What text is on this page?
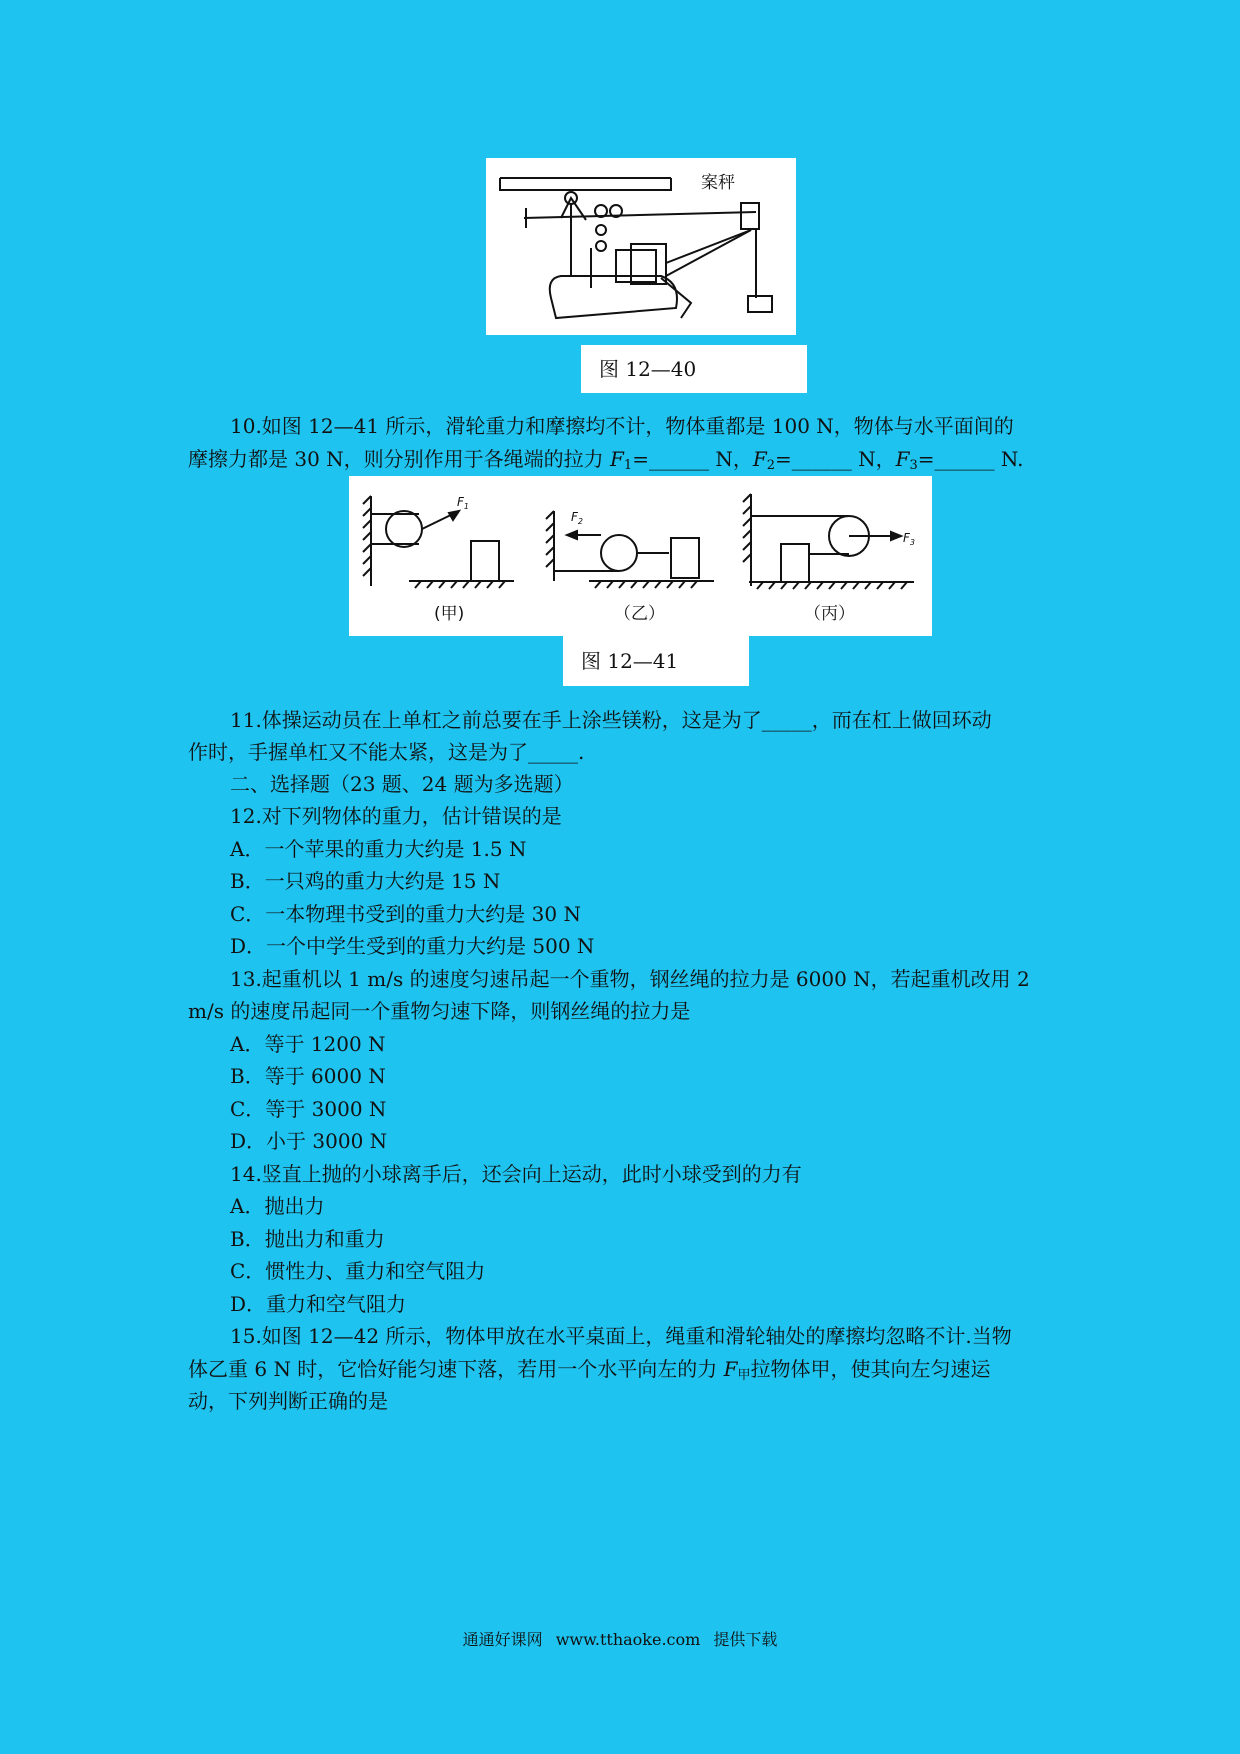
案秤
图 12—40
10.如图 12—41 所示，滑轮重力和摩擦均不计，物体重都是 100 N，物体与水平面间的
摩擦力都是 30 N，则分别作用于各绳端的拉力 $F_1=\_\_\_\_\_\_$ N，$F_2=\_\_\_\_\_\_$ N，$F_3=\_\_\_\_\_\_$ N.
$F_1$
$F_2$
$F_3$
(甲)	（乙）	（丙）
图 12—41
11.体操运动员在上单杠之前总要在手上涂些镁粉，这是为了_____，而在杠上做回环动
作时，手握单杠又不能太紧，这是为了_____.
二、选择题（23 题、24 题为多选题）
12.对下列物体的重力，估计错误的是
A．一个苹果的重力大约是 1.5 N
B．一只鸡的重力大约是 15 N
C．一本物理书受到的重力大约是 30 N
D．一个中学生受到的重力大约是 500 N
13.起重机以 1 m/s 的速度匀速吊起一个重物，钢丝绳的拉力是 6000 N，若起重机改用 2
m/s 的速度吊起同一个重物匀速下降，则钢丝绳的拉力是
A．等于 1200 N
B．等于 6000 N
C．等于 3000 N
D．小于 3000 N
14.竖直上抛的小球离手后，还会向上运动，此时小球受到的力有
A．抛出力
B．抛出力和重力
C．惯性力、重力和空气阻力
D．重力和空气阻力
15.如图 12—42 所示，物体甲放在水平桌面上，绳重和滑轮轴处的摩擦均忽略不计.当物
体乙重 6 N 时，它恰好能匀速下落，若用一个水平向左的力 $F_甲$拉物体甲，使其向左匀速运
动，下列判断正确的是
通通好课网 www.tthaoke.com 提供下载
